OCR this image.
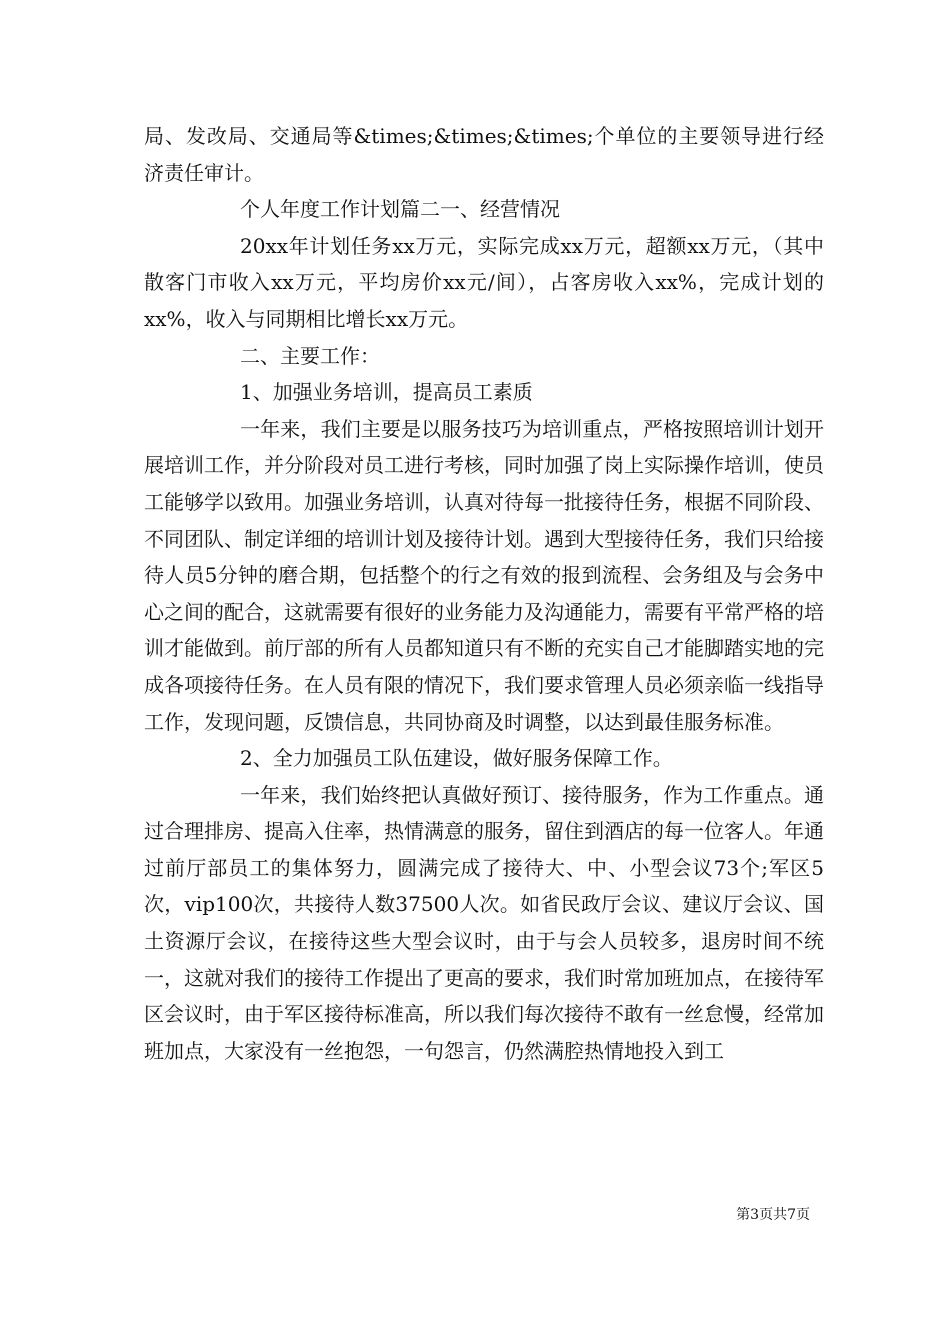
局、发改局、交通局等&times;&times;&times;个单位的主要领导进行经济责任审计。

个人年度工作计划篇二一、经营情况

20xx年计划任务xx万元，实际完成xx万元，超额xx万元，（其中散客门市收入xx万元，平均房价xx元/间），占客房收入xx%，完成计划的xx%，收入与同期相比增长xx万元。

二、主要工作：

1、加强业务培训，提高员工素质

一年来，我们主要是以服务技巧为培训重点，严格按照培训计划开展培训工作，并分阶段对员工进行考核，同时加强了岗上实际操作培训，使员工能够学以致用。加强业务培训，认真对待每一批接待任务，根据不同阶段、不同团队、制定详细的培训计划及接待计划。遇到大型接待任务，我们只给接待人员5分钟的磨合期，包括整个的行之有效的报到流程、会务组及与会务中心之间的配合，这就需要有很好的业务能力及沟通能力，需要有平常严格的培训才能做到。前厅部的所有人员都知道只有不断的充实自己才能脚踏实地的完成各项接待任务。在人员有限的情况下，我们要求管理人员必须亲临一线指导工作，发现问题，反馈信息，共同协商及时调整，以达到最佳服务标准。

2、全力加强员工队伍建设，做好服务保障工作。

一年来，我们始终把认真做好预订、接待服务，作为工作重点。通过合理排房、提高入住率，热情满意的服务，留住到酒店的每一位客人。年通过前厅部员工的集体努力，圆满完成了接待大、中、小型会议73个;军区5次，vip100次，共接待人数37500人次。如省民政厅会议、建议厅会议、国土资源厅会议，在接待这些大型会议时，由于与会人员较多，退房时间不统一，这就对我们的接待工作提出了更高的要求，我们时常加班加点，在接待军区会议时，由于军区接待标准高，所以我们每次接待不敢有一丝怠慢，经常加班加点，大家没有一丝抱怨，一句怨言，仍然满腔热情地投入到工

第3页共7页
